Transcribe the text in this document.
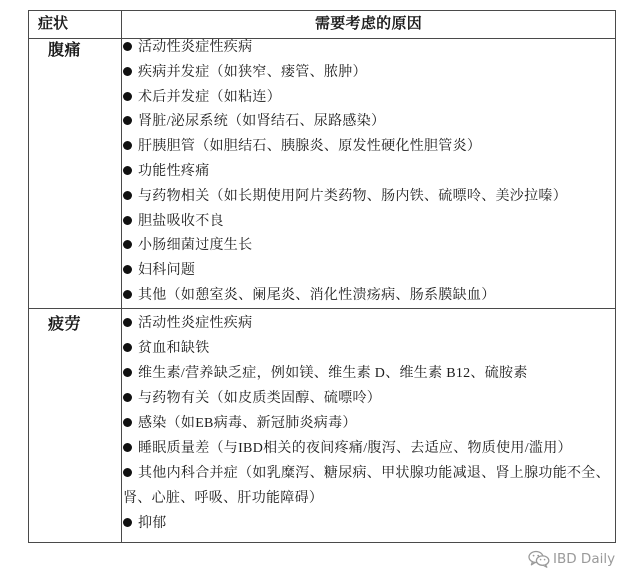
症状	需要考虑的原因
腹痛	活动性炎症性疾病
疾病并发症（如狭窄、瘘管、脓肿）
术后并发症（如粘连）
肾脏/泌尿系统（如肾结石、尿路感染）
肝胰胆管（如胆结石、胰腺炎、原发性硬化性胆管炎）
功能性疼痛
与药物相关（如长期使用阿片类药物、肠内铁、硫嘌呤、美沙拉嗪）
胆盐吸收不良
小肠细菌过度生长
妇科问题
其他（如憩室炎、阑尾炎、消化性溃疡病、肠系膜缺血）
疲劳	活动性炎症性疾病
贫血和缺铁
维生素/营养缺乏症，例如镁、维生素 D、维生素 B12、硫胺素
与药物有关（如皮质类固醇、硫嘌呤）
感染（如EB病毒、新冠肺炎病毒）
睡眠质量差（与IBD相关的夜间疼痛/腹泻、去适应、物质使用/滥用）
其他内科合并症（如乳糜泻、糖尿病、甲状腺功能减退、肾上腺功能不全、肾、心脏、呼吸、肝功能障碍）
抑郁
IBD Daily
